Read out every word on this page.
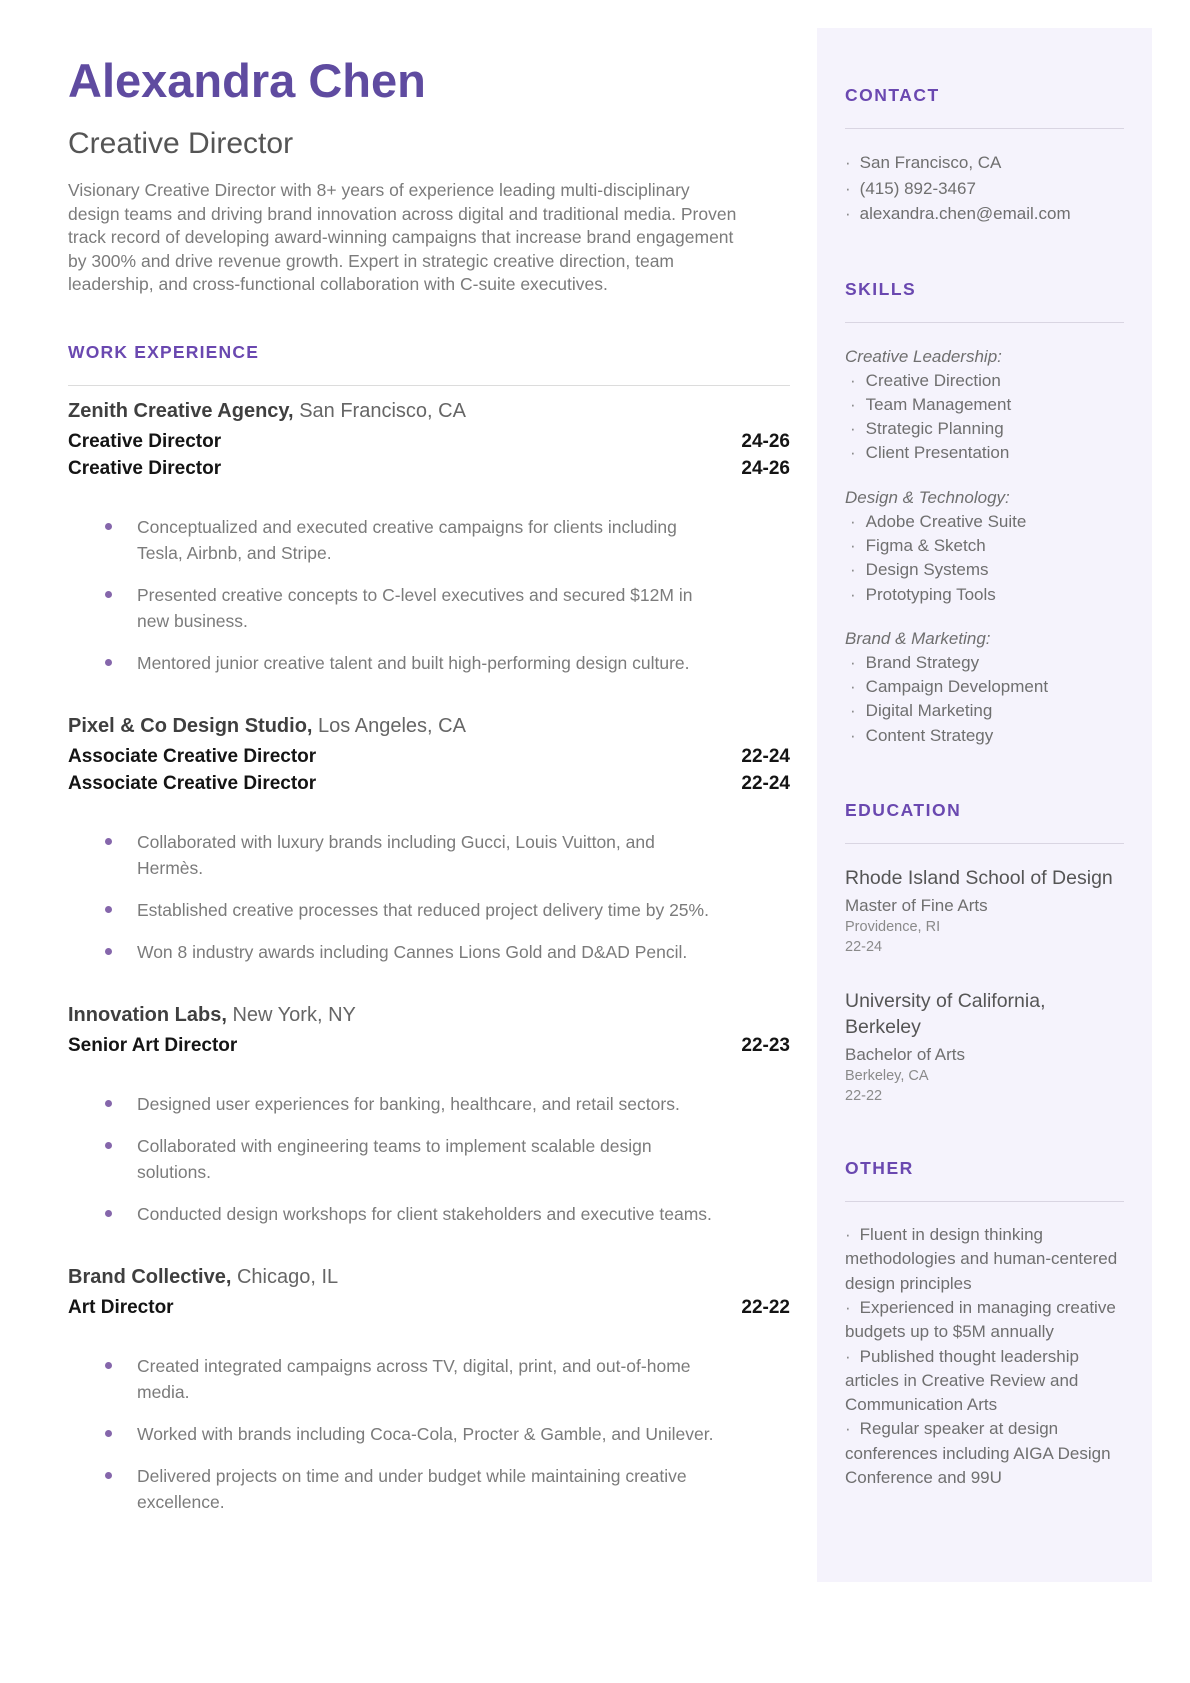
Alexandra Chen
Creative Director

Visionary Creative Director with 8+ years of experience leading multi-disciplinary design teams and driving brand innovation across digital and traditional media. Proven track record of developing award-winning campaigns that increase brand engagement by 300% and drive revenue growth. Expert in strategic creative direction, team leadership, and cross-functional collaboration with C-suite executives.

WORK EXPERIENCE
Zenith Creative Agency, San Francisco, CA
Creative Director	24-26
Creative Director	24-26
Conceptualized and executed creative campaigns for clients including Tesla, Airbnb, and Stripe.
Presented creative concepts to C-level executives and secured $12M in new business.
Mentored junior creative talent and built high-performing design culture.
Pixel & Co Design Studio, Los Angeles, CA
Associate Creative Director	22-24
Associate Creative Director	22-24
Collaborated with luxury brands including Gucci, Louis Vuitton, and Hermès.
Established creative processes that reduced project delivery time by 25%.
Won 8 industry awards including Cannes Lions Gold and D&AD Pencil.
Innovation Labs, New York, NY
Senior Art Director	22-23
Designed user experiences for banking, healthcare, and retail sectors.
Collaborated with engineering teams to implement scalable design solutions.
Conducted design workshops for client stakeholders and executive teams.
Brand Collective, Chicago, IL
Art Director	22-22
Created integrated campaigns across TV, digital, print, and out-of-home media.
Worked with brands including Coca-Cola, Procter & Gamble, and Unilever.
Delivered projects on time and under budget while maintaining creative excellence.
CONTACT
· San Francisco, CA
· (415) 892-3467
· alexandra.chen@email.com
SKILLS
Creative Leadership:
· Creative Direction
· Team Management
· Strategic Planning
· Client Presentation
Design & Technology:
· Adobe Creative Suite
· Figma & Sketch
· Design Systems
· Prototyping Tools
Brand & Marketing:
· Brand Strategy
· Campaign Development
· Digital Marketing
· Content Strategy
EDUCATION
Rhode Island School of Design
Master of Fine Arts
Providence, RI
22-24
University of California, Berkeley
Bachelor of Arts
Berkeley, CA
22-22
OTHER
· Fluent in design thinking methodologies and human-centered design principles
· Experienced in managing creative budgets up to $5M annually
· Published thought leadership articles in Creative Review and Communication Arts
· Regular speaker at design conferences including AIGA Design Conference and 99U
